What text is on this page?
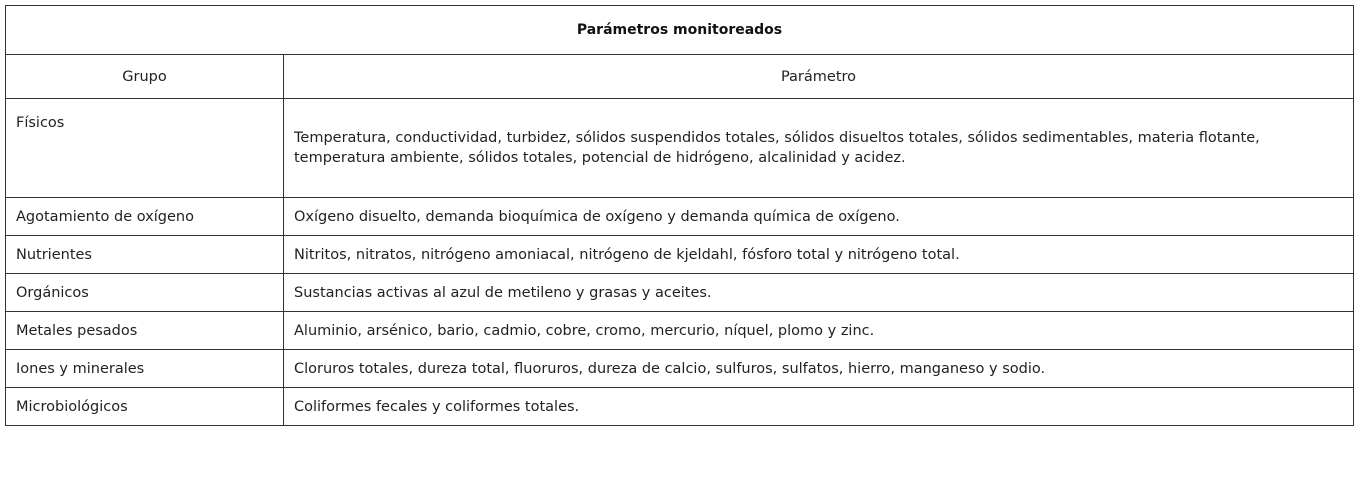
Parámetros monitoreados	
Grupo	Parámetro
Físicos	Temperatura, conductividad, turbidez, sólidos suspendidos totales, sólidos disueltos totales, sólidos sedimentables, materia flotante, temperatura ambiente, sólidos totales, potencial de hidrógeno, alcalinidad y acidez.
Agotamiento de oxígeno	Oxígeno disuelto, demanda bioquímica de oxígeno y demanda química de oxígeno.
Nutrientes	Nitritos, nitratos, nitrógeno amoniacal, nitrógeno de kjeldahl, fósforo total y nitrógeno total.
Orgánicos	Sustancias activas al azul de metileno y grasas y aceites.
Metales pesados	Aluminio, arsénico, bario, cadmio, cobre, cromo, mercurio, níquel, plomo y zinc.
Iones y minerales	Cloruros totales, dureza total, fluoruros, dureza de calcio, sulfuros, sulfatos, hierro, manganeso y sodio.
Microbiológicos	Coliformes fecales y coliformes totales.
